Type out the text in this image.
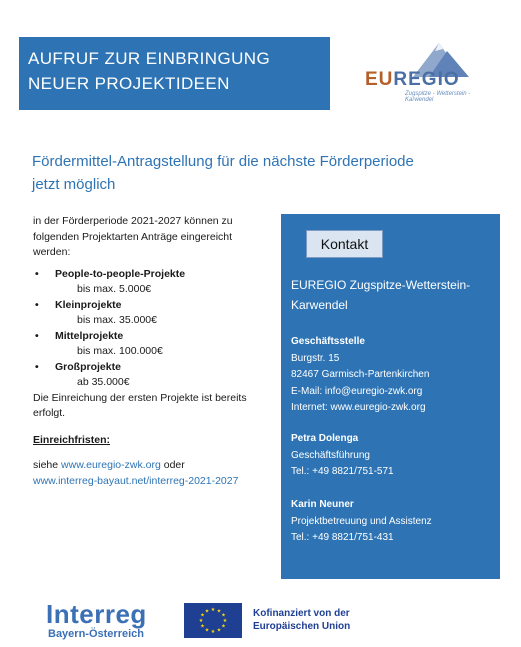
AUFRUF ZUR EINBRINGUNG
NEUER PROJEKTIDEEN	EUREGIO
Zugspitze - Wetterstein - Karwendel
Fördermittel-Antragstellung für die nächste Förderperiode
jetzt möglich

in der Förderperiode 2021-2027 können zu folgenden Projektarten Anträge eingereicht werden:

• People-to-people-Projekte

bis max. 5.000€

• Kleinprojekte

bis max. 35.000€

• Mittelprojekte

bis max. 100.000€

• Großprojekte

ab 35.000€

Die Einreichung der ersten Projekte ist bereits erfolgt.

Einreichfristen:

siehe www.euregio-zwk.org oder
www.interreg-bayaut.net/interreg-2021-2027

Kontakt
EUREGIO Zugspitze-Wetterstein-Karwendel
Geschäftsstelle
Burgstr. 15
82467 Garmisch-Partenkirchen
E-Mail: info@euregio-zwk.org
Internet: www.euregio-zwk.org
Petra Dolenga
Geschäftsführung
Tel.: +49 8821/751-571
Karin Neuner
Projektbetreuung und Assistenz
Tel.: +49 8821/751-431
Interreg
Bayern-Österreich
★ ★
★
★
★
★
★
★
★
★
★
★	Kofinanziert von der
Europäischen Union
